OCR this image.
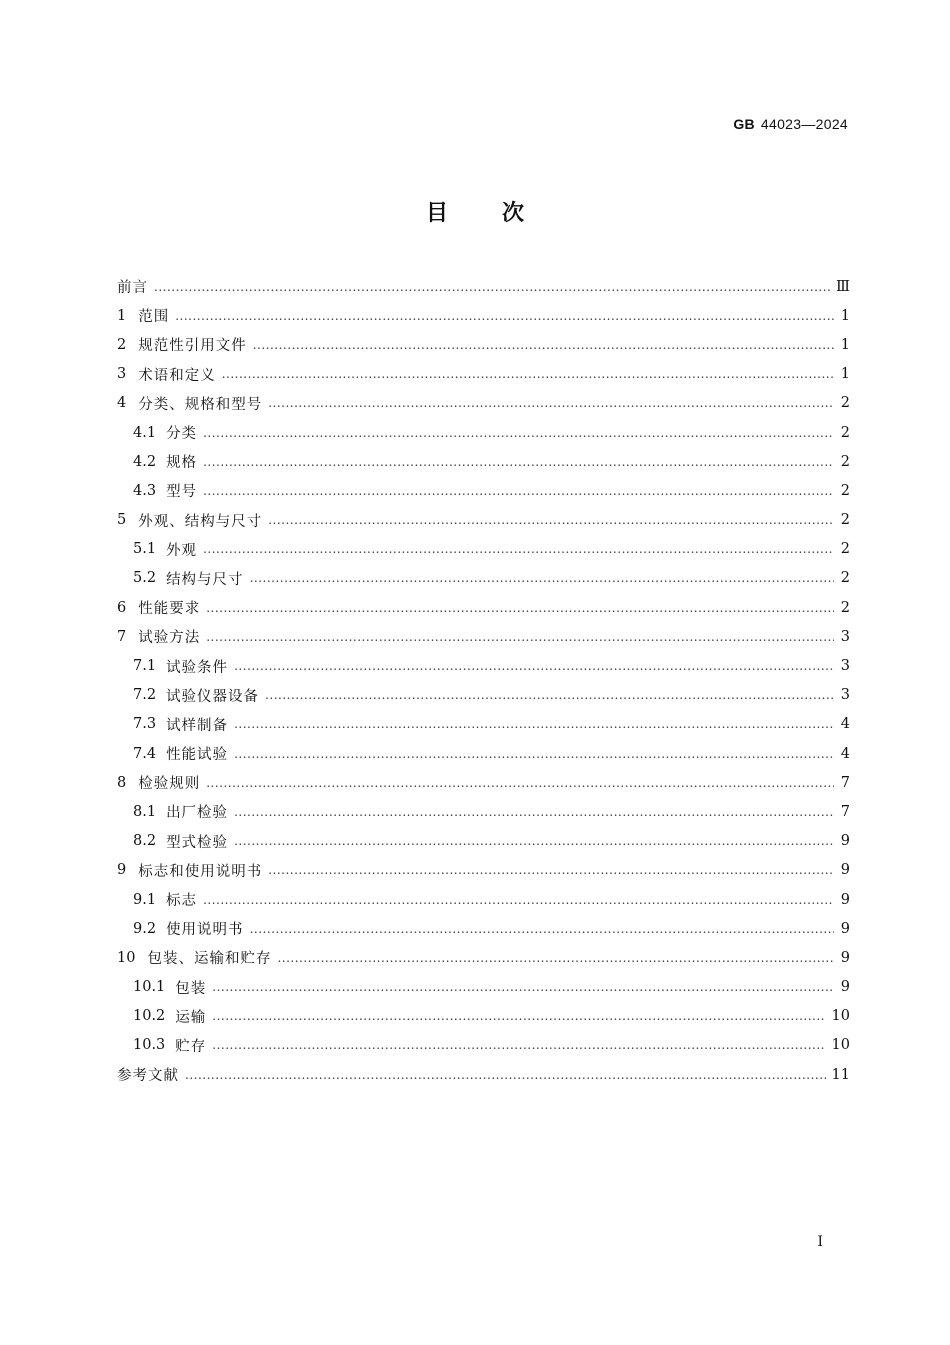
GB 44023—2024
目次
前言 .....	Ⅲ
1 范围 .....	1
2 规范性引用文件 .....	1
3 术语和定义 .....	1
4 分类、规格和型号 .....	2
4.1 分类 .....	2
4.2 规格 .....	2
4.3 型号 .....	2
5 外观、结构与尺寸 .....	2
5.1 外观 .....	2
5.2 结构与尺寸 .....	2
6 性能要求 .....	2
7 试验方法 .....	3
7.1 试验条件 .....	3
7.2 试验仪器设备 .....	3
7.3 试样制备 .....	4
7.4 性能试验 .....	4
8 检验规则 .....	7
8.1 出厂检验 .....	7
8.2 型式检验 .....	9
9 标志和使用说明书 .....	9
9.1 标志 .....	9
9.2 使用说明书 .....	9
10 包装、运输和贮存 .....	9
10.1 包装 .....	9
10.2 运输 .....	10
10.3 贮存 .....	10
参考文献 .....	11
Ⅰ
